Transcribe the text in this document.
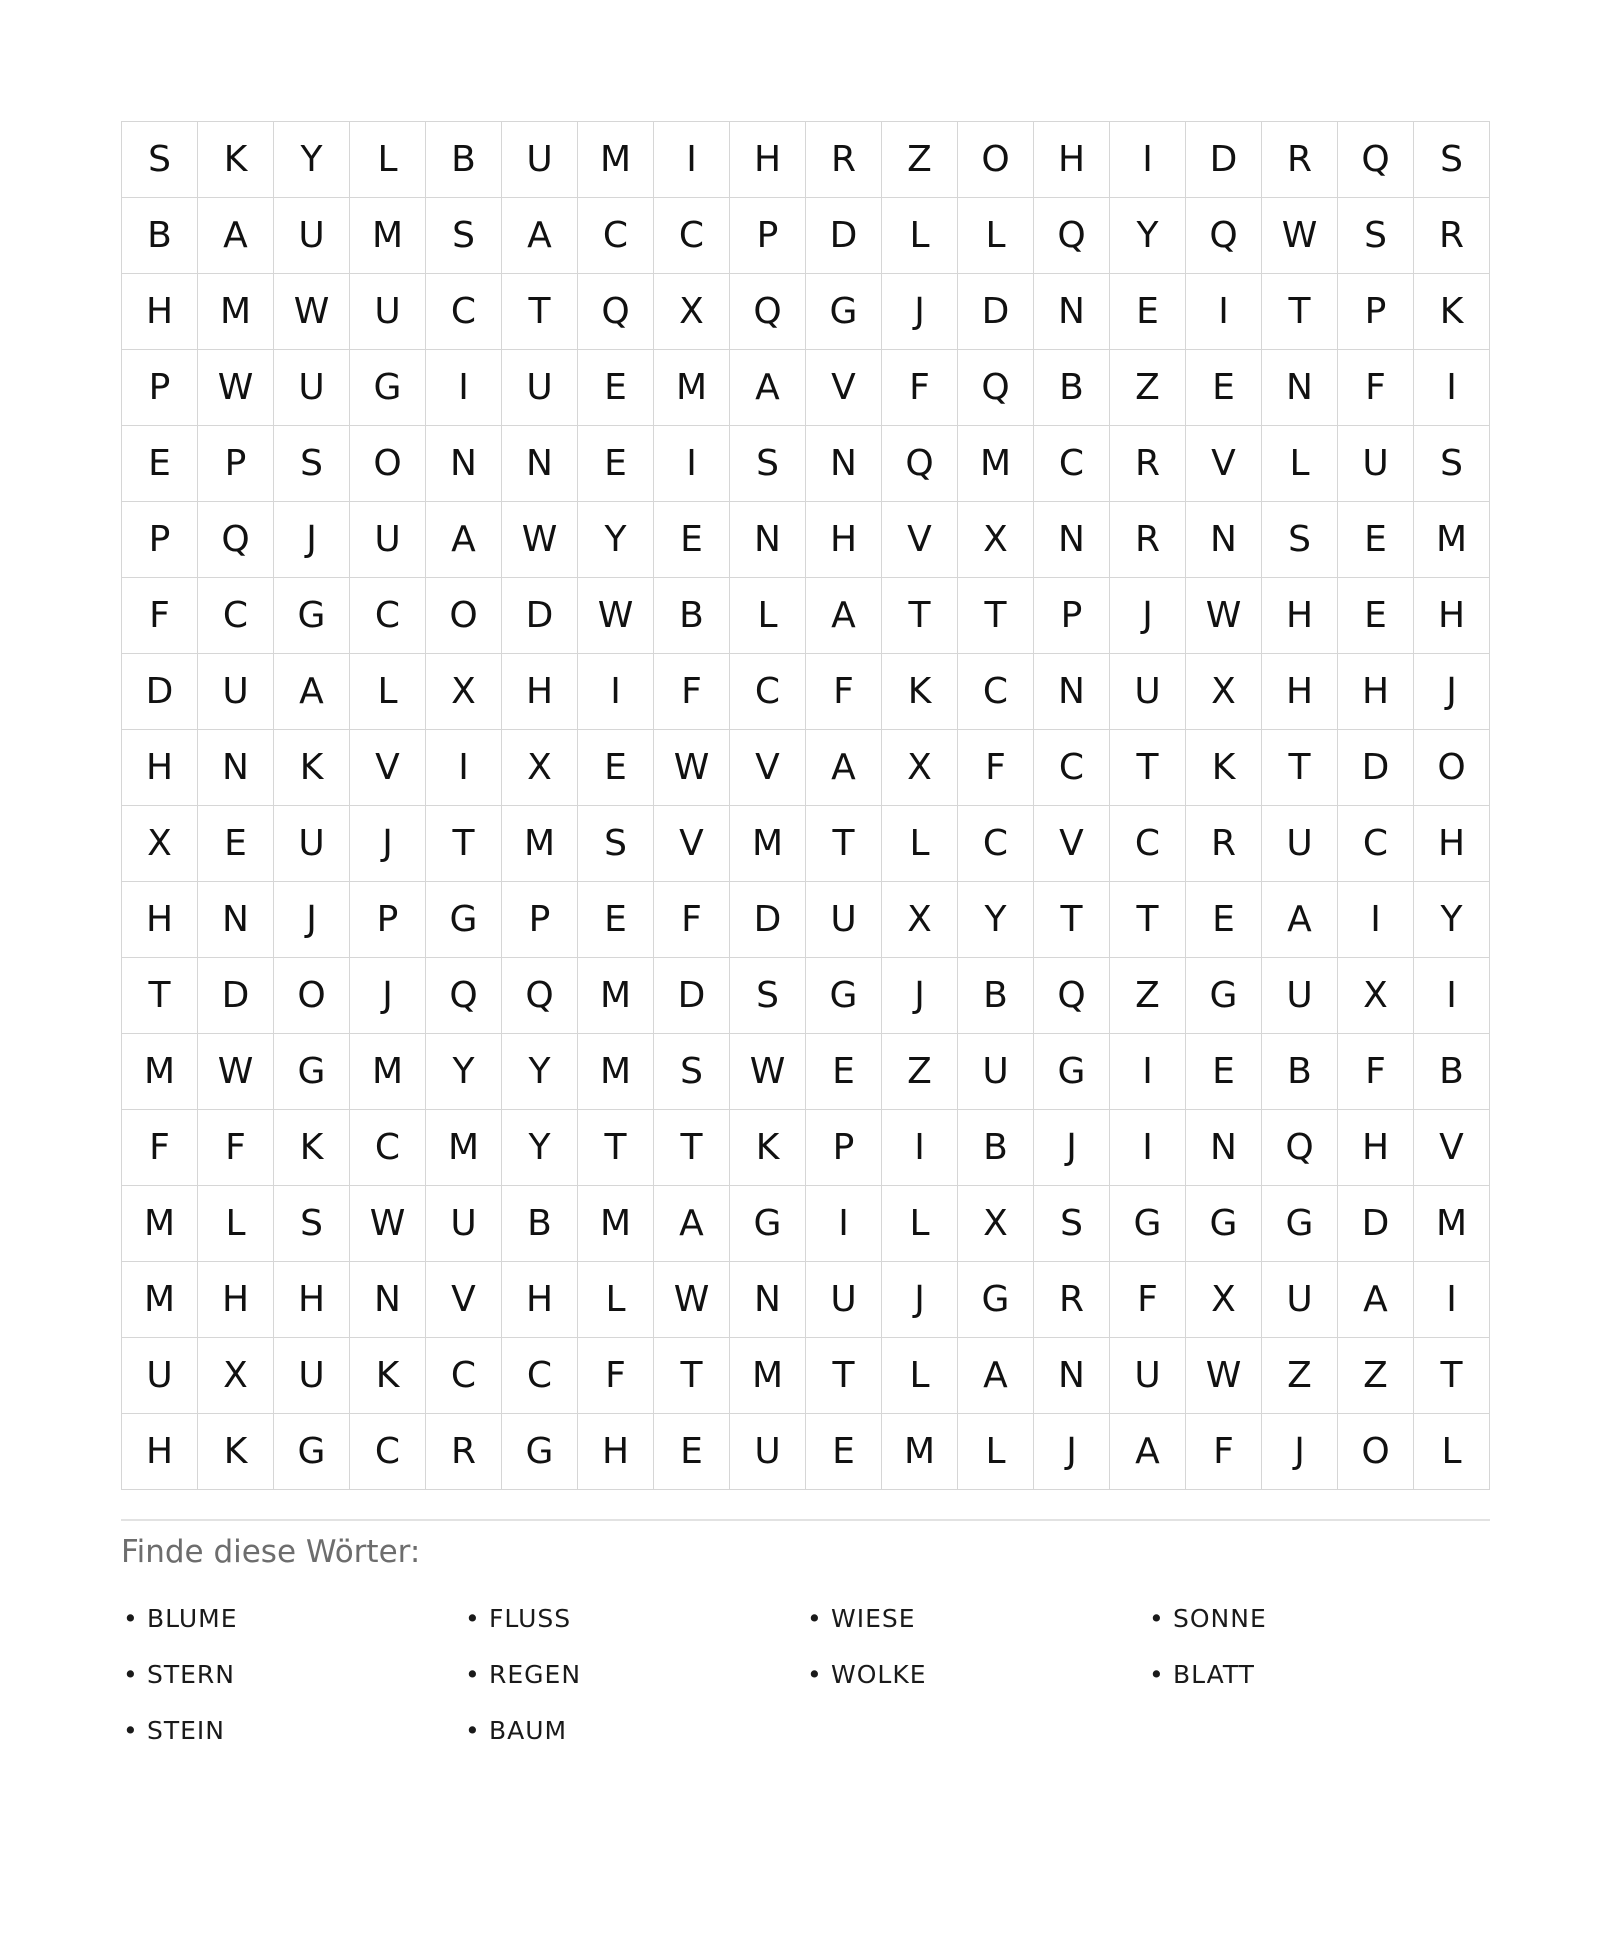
S	K	Y	L	B	U	M	I	H	R	Z	O	H	I	D	R	Q	S
B	A	U	M	S	A	C	C	P	D	L	L	Q	Y	Q	W	S	R
H	M	W	U	C	T	Q	X	Q	G	J	D	N	E	I	T	P	K
P	W	U	G	I	U	E	M	A	V	F	Q	B	Z	E	N	F	I
E	P	S	O	N	N	E	I	S	N	Q	M	C	R	V	L	U	S
P	Q	J	U	A	W	Y	E	N	H	V	X	N	R	N	S	E	M
F	C	G	C	O	D	W	B	L	A	T	T	P	J	W	H	E	H
D	U	A	L	X	H	I	F	C	F	K	C	N	U	X	H	H	J
H	N	K	V	I	X	E	W	V	A	X	F	C	T	K	T	D	O
X	E	U	J	T	M	S	V	M	T	L	C	V	C	R	U	C	H
H	N	J	P	G	P	E	F	D	U	X	Y	T	T	E	A	I	Y
T	D	O	J	Q	Q	M	D	S	G	J	B	Q	Z	G	U	X	I
M	W	G	M	Y	Y	M	S	W	E	Z	U	G	I	E	B	F	B
F	F	K	C	M	Y	T	T	K	P	I	B	J	I	N	Q	H	V
M	L	S	W	U	B	M	A	G	I	L	X	S	G	G	G	D	M
M	H	H	N	V	H	L	W	N	U	J	G	R	F	X	U	A	I
U	X	U	K	C	C	F	T	M	T	L	A	N	U	W	Z	Z	T
H	K	G	C	R	G	H	E	U	E	M	L	J	A	F	J	O	L
Finde diese Wörter:
• BLUME	• FLUSS	• WIESE	• SONNE
• STERN	• REGEN	• WOLKE	• BLATT
• STEIN	• BAUM
